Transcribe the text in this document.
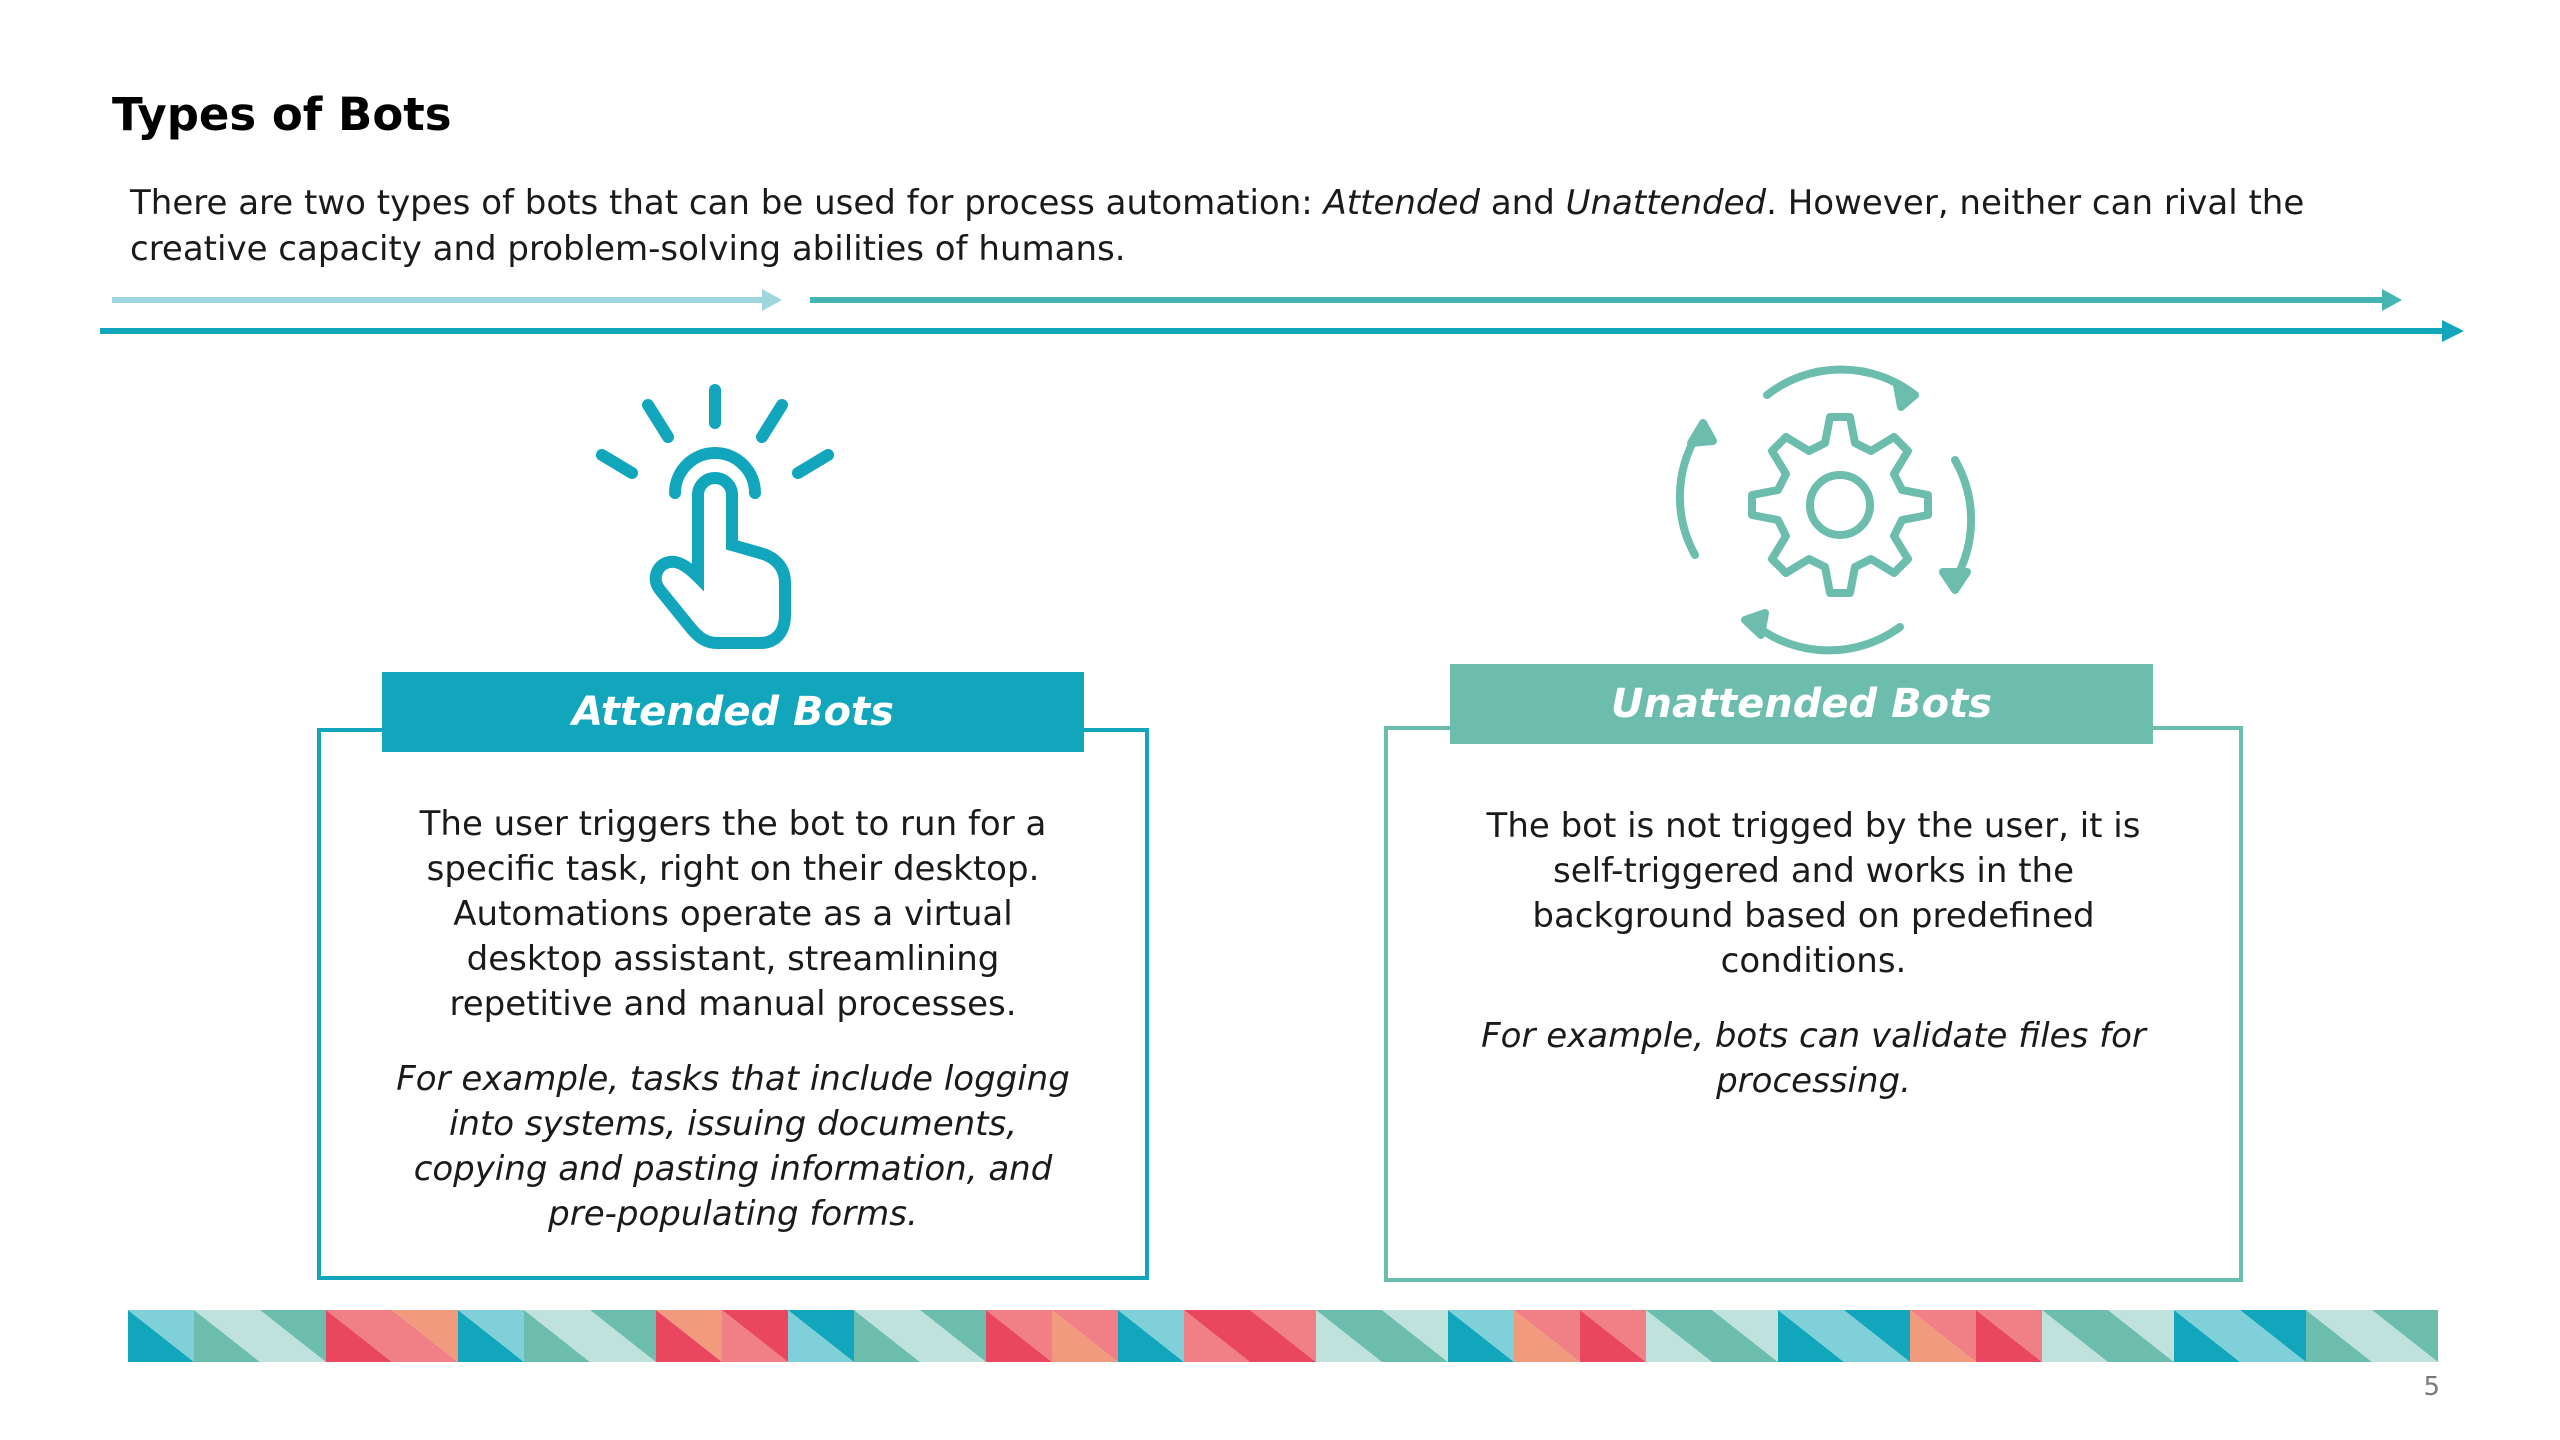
Types of Bots

There are two types of bots that can be used for process automation: Attended and Unattended. However, neither can rival the creative capacity and problem-solving abilities of humans.

The user triggers the bot to run for a specific task, right on their desktop. Automations operate as a virtual desktop assistant, streamlining repetitive and manual processes.

For example, tasks that include logging into systems, issuing documents, copying and pasting information, and pre-populating forms.

Attended Bots

The bot is not trigged by the user, it is self-triggered and works in the background based on predefined conditions.

For example, bots can validate files for processing.

Unattended Bots
5
